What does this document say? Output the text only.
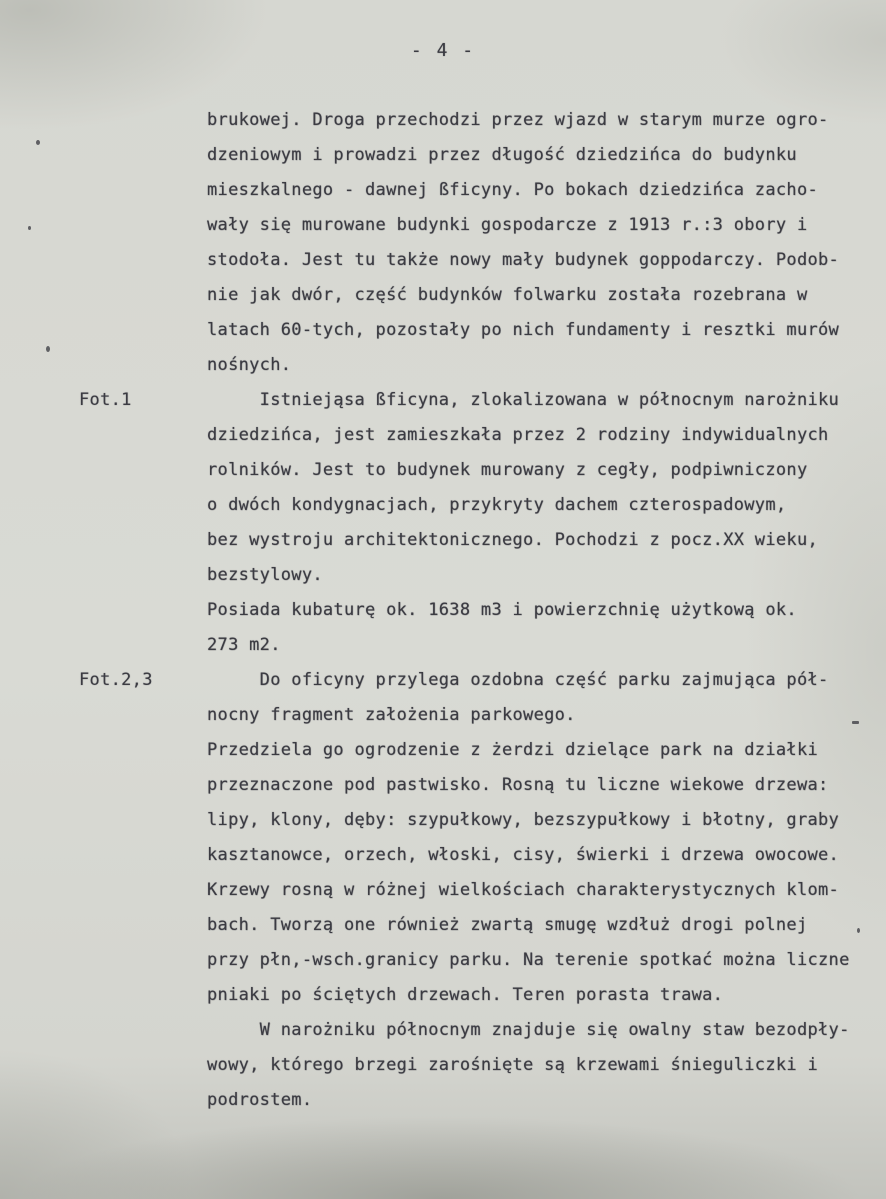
- 4 -
brukowej. Droga przechodzi przez wjazd w starym murze ogro-
dzeniowym i prowadzi przez długość dziedzińca do budynku
mieszkalnego - dawnej ßficyny. Po bokach dziedzińca zacho-
wały się murowane budynki gospodarcze z 1913 r.:3 obory i
stodoła. Jest tu także nowy mały budynek goppodarczy. Podob-
nie jak dwór, część budynków folwarku została rozebrana w
latach 60-tych, pozostały po nich fundamenty i resztki murów
nośnych.
Fot.1	Istniejąsa ßficyna, zlokalizowana w północnym narożniku
dziedzińca, jest zamieszkała przez 2 rodziny indywidualnych
rolników. Jest to budynek murowany z cegły, podpiwniczony
o dwóch kondygnacjach, przykryty dachem czterospadowym,
bez wystroju architektonicznego. Pochodzi z pocz.XX wieku,
bezstylowy.
Posiada kubaturę ok. 1638 m3 i powierzchnię użytkową ok.
273 m2.
Fot.2,3	Do oficyny przylega ozdobna część parku zajmująca pół-
nocny fragment założenia parkowego.
Przedziela go ogrodzenie z żerdzi dzielące park na działki
przeznaczone pod pastwisko. Rosną tu liczne wiekowe drzewa:
lipy, klony, dęby: szypułkowy, bezszypułkowy i błotny, graby
kasztanowce, orzech, włoski, cisy, świerki i drzewa owocowe.
Krzewy rosną w różnej wielkościach charakterystycznych klom-
bach. Tworzą one również zwartą smugę wzdłuż drogi polnej
przy płn,-wsch.granicy parku. Na terenie spotkać można liczne
pniaki po ściętych drzewach. Teren porasta trawa.
W narożniku północnym znajduje się owalny staw bezodpły-
wowy, którego brzegi zarośnięte są krzewami śnieguliczki i
podrostem.
